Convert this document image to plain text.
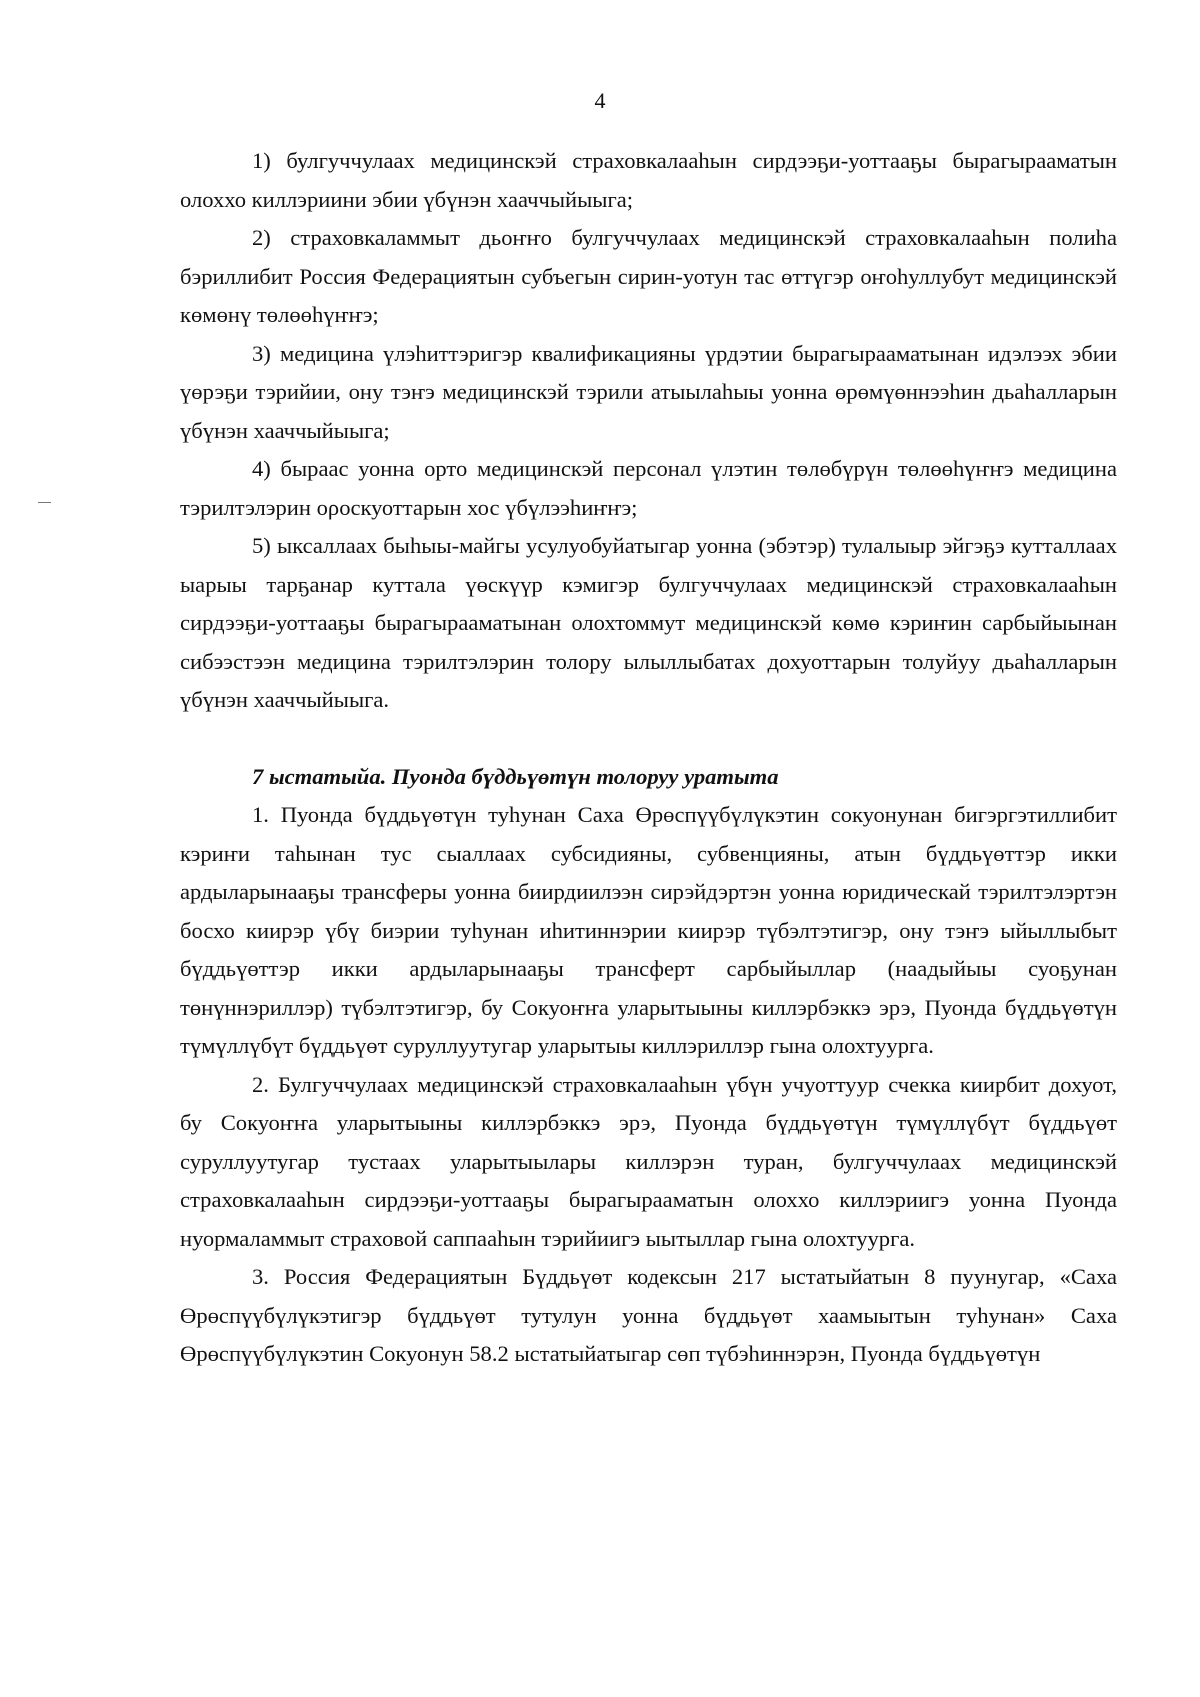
4

1) булгуччулаах медицинскэй страховкалааһын сирдээҕи-уоттааҕы бырагырааматын олоххо киллэриини эбии үбүнэн хааччыйыыга;

2) страховкаламмыт дьоҥҥо булгуччулаах медицинскэй страховкалааһын полиһа бэриллибит Россия Федерациятын субъегын сирин-уотун тас өттүгэр оҥоһуллубут медицинскэй көмөнү төлөөһүҥҥэ;

3) медицина үлэһиттэригэр квалификацияны үрдэтии бырагырааматынан идэлээх эбии үөрэҕи тэрийии, ону тэҥэ медицинскэй тэрили атыылаһыы уонна өрөмүөннээһин дьаһалларын үбүнэн хааччыйыыга;

4) быраас уонна орто медицинскэй персонал үлэтин төлөбүрүн төлөөһүҥҥэ медицина тэрилтэлэрин оροскуоттарын хос үбүлээһиҥҥэ;

5) ыксаллаах быһыы-майгы усулуобуйатыгар уонна (эбэтэр) тулалыыр эйгэҕэ кутталлаах ыарыы тарҕанар куттала үөскүүр кэмигэр булгуччулаах медицинскэй страховкалааһын сирдээҕи-уоттааҕы бырагырааматынан олохтоммут медицинскэй көмө кэриҥин сарбыйыынан сибээстээн медицина тэрилтэлэрин толору ылыллыбатах дохуоттарын толуйуу дьаһалларын үбүнэн хааччыйыыга.

7 ыстатыйа. Пуонда бүддьүөтүн толоруу уратыта

1. Пуонда бүддьүөтүн туһунан Саха Өрөспүүбүлүкэтин сокуонунан бигэргэтиллибит кэриҥи таһынан тус сыаллаах субсидияны, субвенцияны, атын бүддьүөттэр икки ардыларынааҕы трансферы уонна биирдиилээн сирэйдэртэн уонна юридическай тэрилтэлэртэн босхо киирэр үбү биэрии туһунан иһитиннэрии киирэр түбэлтэтигэр, ону тэҥэ ыйыллыбыт бүддьүөттэр икки ардыларынааҕы трансферт сарбыйыллар (наадыйыы суоҕунан төнүннэриллэр) түбэлтэтигэр, бу Сокуоҥҥа уларытыыны киллэрбэккэ эрэ, Пуонда бүддьүөтүн түмүллүбүт бүддьүөт суруллуутугар уларытыы киллэриллэр гына олохтуурга.

2. Булгуччулаах медицинскэй страховкалааһын үбүн учуоттуур счекка киирбит дохуот, бу Сокуоҥҥа уларытыыны киллэрбэккэ эрэ, Пуонда бүддьүөтүн түмүллүбүт бүддьүөт суруллуутугар тустаах уларытыылары киллэрэн туран, булгуччулаах медицинскэй страховкалааһын сирдээҕи-уоттааҕы бырагырааматын олоххо киллэриигэ уонна Пуонда нуормаламмыт страховой саппааһын тэрийиигэ ыытыллар гына олохтуурга.

3. Россия Федерациятын Бүддьүөт кодексын 217 ыстатыйатын 8 пуунугар, «Саха Өрөспүүбүлүкэтигэр бүддьүөт тутулун уонна бүддьүөт хаамыытын туһунан» Саха Өрөспүүбүлүкэтин Сокуонун 58.2 ыстатыйатыгар сөп түбэһиннэрэн, Пуонда бүддьүөтүн
